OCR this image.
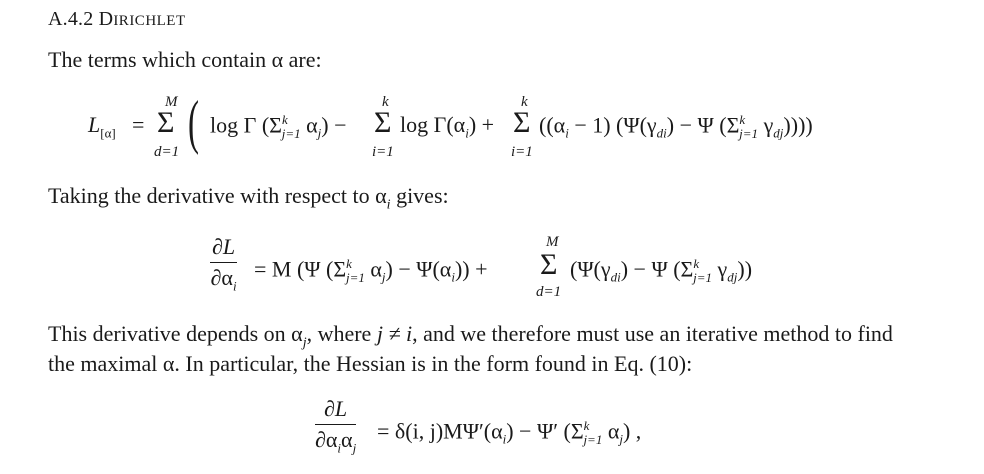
A.4.2 DIRICHLET
The terms which contain α are:
$L_{[\alpha]}$ =
M
Σ
d=1 ( log Γ ($\Sigma^k_{j=1}$ $\alpha_j$) −
k
Σ
i=1
$\log \Gamma(\alpha_i)$ +
k
Σ
i=1
($(\alpha_i - 1) (\Psi(\gamma_{di}) - \Psi$ ($\Sigma^k_{j=1}$ $\gamma_{dj}$))))
Taking the derivative with respect to $\alpha_i$ gives:
$\frac{\partial L}{\partial\alpha_i} = M$ (Ψ ($\Sigma^k_{j=1}$ $\alpha_j) - \Psi(\alpha_i)$) +
M
Σ
d=1
($\Psi(\gamma_{di}) - \Psi$ ($\Sigma^k_{j=1}$ $\gamma_{dj}$))
This derivative depends on $\alpha_j$, where j ≠ i, and we therefore must use an iterative method to find
the maximal α. In particular, the Hessian is in the form found in Eq. (10):
∂L
$\partial\alpha_i\alpha_j$
= δ(i, $j)M\Psi'(\alpha_i) - \Psi'$ ($\Sigma^k_{j=1}$ $\alpha_j$) ,
